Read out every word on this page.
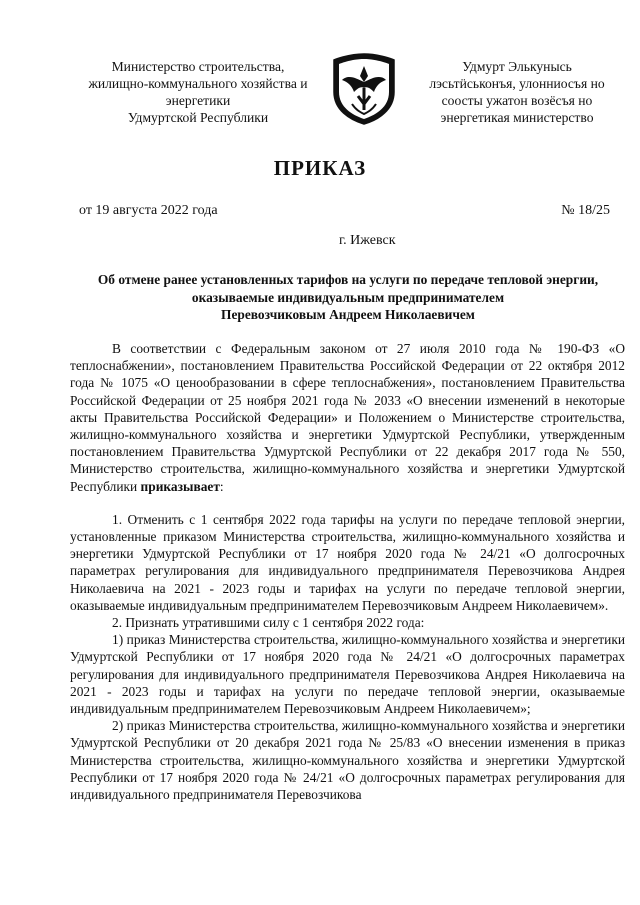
Министерство строительства,
жилищно-коммунального хозяйства и
энергетики
Удмуртской Республики
Удмурт Элькунысь
лэсьтӥськонъя, улонниосъя но
соосты ужатон возёсъя но
энергетикая министерство
ПРИКАЗ
от 19 августа 2022 года	№ 18/25
г. Ижевск
Об отмене ранее установленных тарифов на услуги по передаче тепловой энергии,
оказываемые индивидуальным предпринимателем
Перевозчиковым Андреем Николаевичем

В соответствии с Федеральным законом от 27 июля 2010 года № 190-ФЗ «О теплоснабжении», постановлением Правительства Российской Федерации от 22 октября 2012 года № 1075 «О ценообразовании в сфере теплоснабжения», постановлением Правительства Российской Федерации от 25 ноября 2021 года № 2033 «О внесении изменений в некоторые акты Правительства Российской Федерации» и Положением о Министерстве строительства, жилищно-коммунального хозяйства и энергетики Удмуртской Республики, утвержденным постановлением Правительства Удмуртской Республики от 22 декабря 2017 года № 550, Министерство строительства, жилищно-коммунального хозяйства и энергетики Удмуртской Республики приказывает:

1. Отменить с 1 сентября 2022 года тарифы на услуги по передаче тепловой энергии, установленные приказом Министерства строительства, жилищно-коммунального хозяйства и энергетики Удмуртской Республики от 17 ноября 2020 года № 24/21 «О долгосрочных параметрах регулирования для индивидуального предпринимателя Перевозчикова Андрея Николаевича на 2021 - 2023 годы и тарифах на услуги по передаче тепловой энергии, оказываемые индивидуальным предпринимателем Перевозчиковым Андреем Николаевичем».

2. Признать утратившими силу с 1 сентября 2022 года:

1) приказ Министерства строительства, жилищно-коммунального хозяйства и энергетики Удмуртской Республики от 17 ноября 2020 года № 24/21 «О долгосрочных параметрах регулирования для индивидуального предпринимателя Перевозчикова Андрея Николаевича на 2021 - 2023 годы и тарифах на услуги по передаче тепловой энергии, оказываемые индивидуальным предпринимателем Перевозчиковым Андреем Николаевичем»;

2) приказ Министерства строительства, жилищно-коммунального хозяйства и энергетики Удмуртской Республики от 20 декабря 2021 года № 25/83 «О внесении изменения в приказ Министерства строительства, жилищно-коммунального хозяйства и энергетики Удмуртской Республики от 17 ноября 2020 года № 24/21 «О долгосрочных параметрах регулирования для индивидуального предпринимателя Перевозчикова
